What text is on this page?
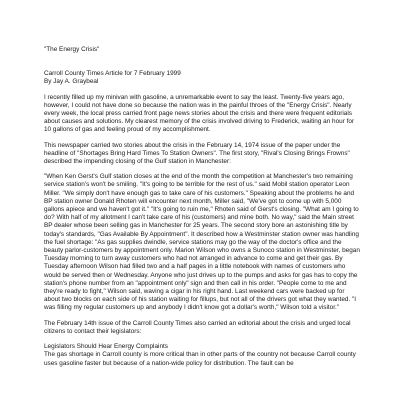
"The Energy Crisis"

Carroll County Times Article for 7 February 1999
By Jay A. Graybeal

I recently filled up my minivan with gasoline, a unremarkable event to say the least. Twenty-five years ago, however, I could not have done so because the nation was in the painful throes of the "Energy Crisis". Nearly every week, the local press carried front page news stories about the crisis and there were frequent editorials about causes and solutions. My clearest memory of the crisis involved driving to Frederick, waiting an hour for 10 gallons of gas and feeling proud of my accomplishment.

This newspaper carried two stories about the crisis in the February 14, 1974 issue of the paper under the headline of "Shortages Bring Hard Times To Station Owners". The first story, "Rival's Closing Brings Frowns" described the impending closing of the Gulf station in Manchester:

"When Ken Gerst's Gulf station closes at the end of the month the competition at Manchester's two remaining service station's won't be smiling. "It's going to be terrible for the rest of us." said Mobil station operator Leon Miller. "We simply don't have enough gas to take care of his customers." Speaking about the problems he and BP station owner Donald Rhoten will encounter next month, Miller said, "We've got to come up with 5,000 gallons apiece and we haven't got it." "It's going to ruin me," Rhoten said of Gerst's closing. "What am I going to do? With half of my allotment I can't take care of his (customers) and mine both. No way," said the Main street BP dealer whose been selling gas in Manchester for 25 years. The second story bore an astonishing title by today's standards, "Gas Available By Appointment". It described how a Westminster station owner was handling the fuel shortage: "As gas supplies dwindle, service stations may go the way of the doctor's office and the beauty parlor-customers by appointment only. Marion Wilson who owns a Sunoco station in Westminster, began Tuesday morning to turn away customers who had not arranged in advance to come and get their gas. By Tuesday afternoon Wilson had filled two and a half pages in a little notebook with names of customers who would be served then or Wednesday. Anyone who just drives up to the pumps and asks for gas has to copy the station's phone number from an "appointment only" sign and then call in his order. "People come to me and they're ready to fight," Wilson said, waving a cigar in his right hand. Last weekend cars were backed up for about two blocks on each side of his station waiting for fillups, but not all of the drivers got what they wanted. "I was filling my regular customers up and anybody I didn't know got a dollar's worth," Wilson told a visitor."

The February 14th issue of the Carroll County Times also carried an editorial about the crisis and urged local citizens to contact their legislators:

Legislators Should Hear Energy Complaints

The gas shortage in Carroll county is more critical than in other parts of the country not because Carroll county uses gasoline faster but because of a nation-wide policy for distribution. The fault can be
